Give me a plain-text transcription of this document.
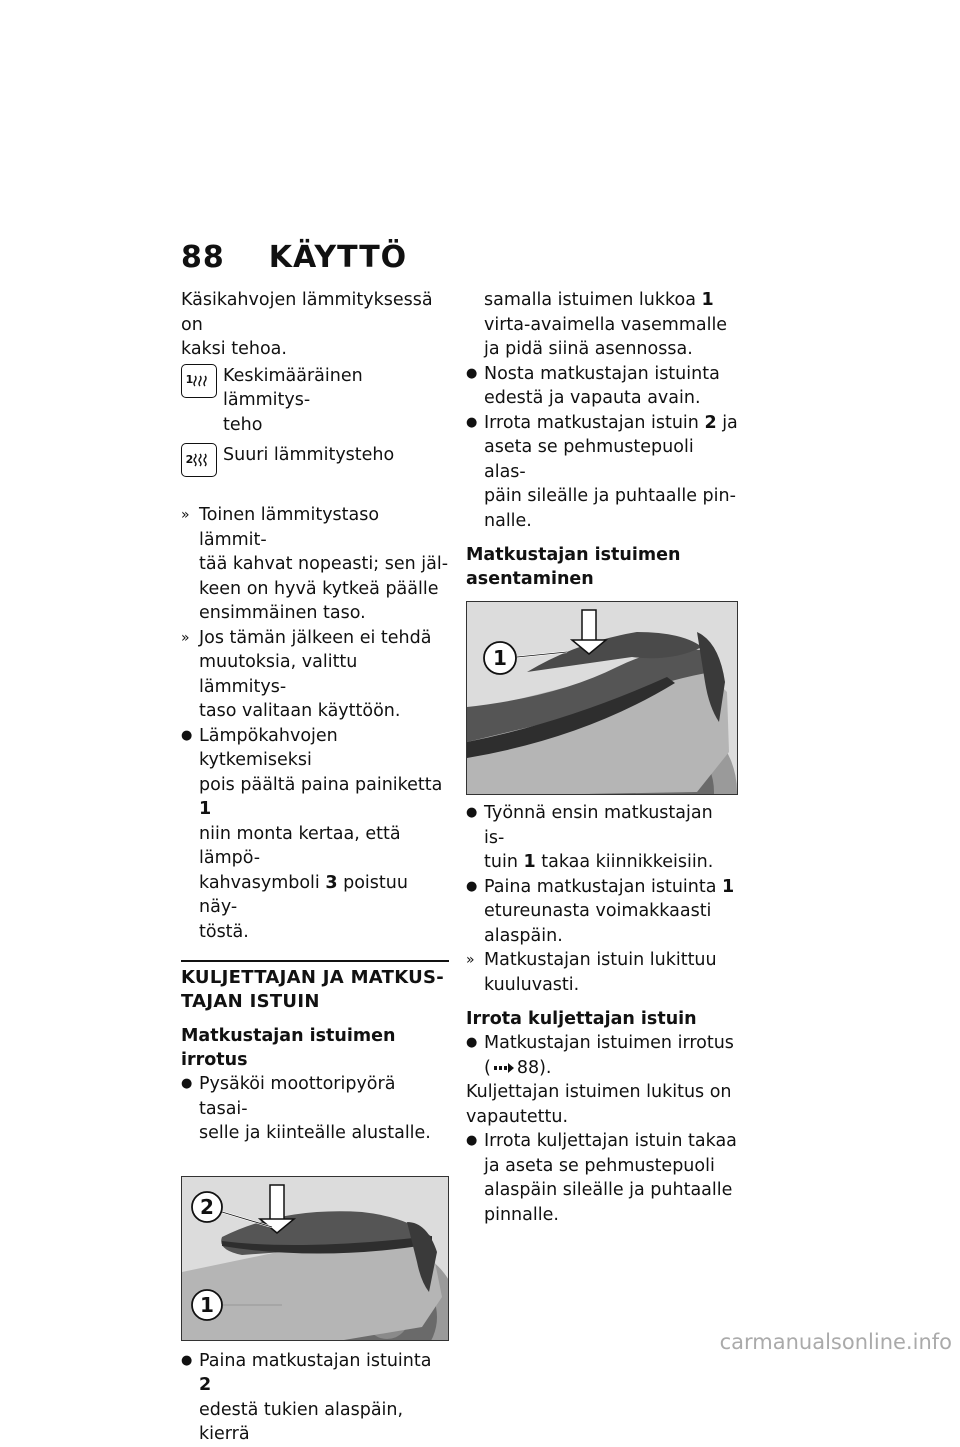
88 KÄYTTÖ

Käsikahvojen lämmityksessä on

kaksi tehoa.

1 Keskimääräinen lämmitys-

teho

2 Suuri lämmitysteho

» Toinen lämmitystaso lämmit-

tää kahvat nopeasti; sen jäl-

keen on hyvä kytkeä päälle

ensimmäinen taso.

» Jos tämän jälkeen ei tehdä

muutoksia, valittu lämmitys-

taso valitaan käyttöön.

● Lämpökahvojen kytkemiseksi

pois päältä paina painiketta 1

niin monta kertaa, että lämpö-

kahvasymboli 3 poistuu näy-

töstä.

KULJETTAJAN JA MATKUS-
TAJAN ISTUIN
Matkustajan istuimen irrotus
● Pysäköi moottoripyörä tasai-

selle ja kiinteälle alustalle.

2
1
● Paina matkustajan istuinta 2

edestä tukien alaspäin, kierrä

samalla istuimen lukkoa 1

virta-avaimella vasemmalle

ja pidä siinä asennossa.

● Nosta matkustajan istuinta

edestä ja vapauta avain.

● Irrota matkustajan istuin 2 ja

aseta se pehmustepuoli alas-

päin sileälle ja puhtaalle pin-

nalle.

Matkustajan istuimen
asentaminen
1
● Työnnä ensin matkustajan is-

tuin 1 takaa kiinnikkeisiin.

● Paina matkustajan istuinta 1

etureunasta voimakkaasti

alaspäin.

» Matkustajan istuin lukittuu

kuuluvasti.

Irrota kuljettajan istuin
● Matkustajan istuimen irrotus

( 88).

Kuljettajan istuimen lukitus on

vapautettu.

● Irrota kuljettajan istuin takaa

ja aseta se pehmustepuoli

alaspäin sileälle ja puhtaalle

pinnalle.

carmanualsonline.info
